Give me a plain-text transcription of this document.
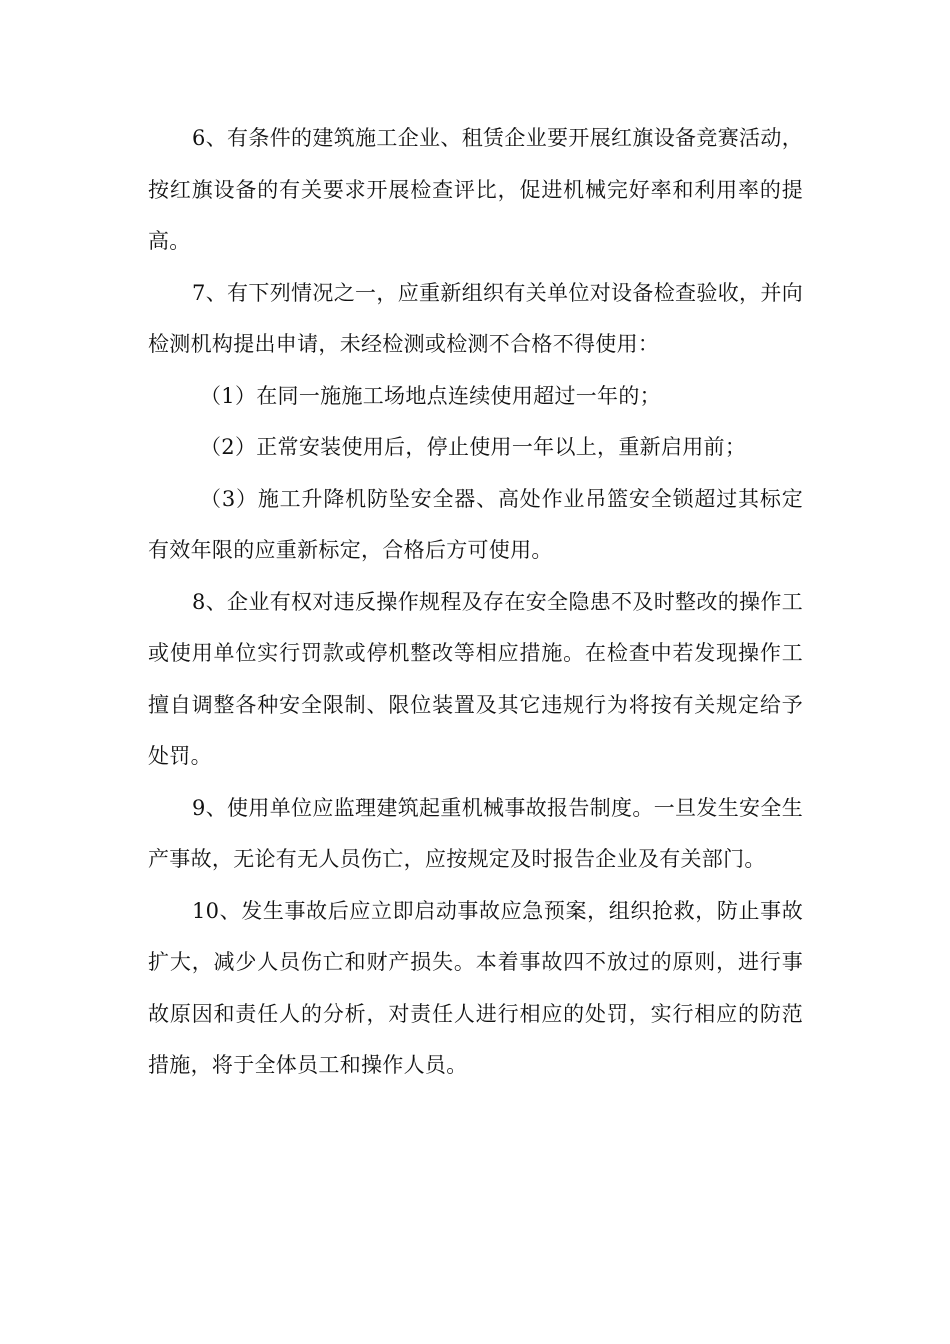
6、有条件的建筑施工企业、租赁企业要开展红旗设备竞赛活动，按红旗设备的有关要求开展检查评比，促进机械完好率和利用率的提高。

7、有下列情况之一，应重新组织有关单位对设备检查验收，并向检测机构提出申请，未经检测或检测不合格不得使用：

（1）在同一施施工场地点连续使用超过一年的；

（2）正常安装使用后，停止使用一年以上，重新启用前；

（3）施工升降机防坠安全器、高处作业吊篮安全锁超过其标定有效年限的应重新标定，合格后方可使用。

8、企业有权对违反操作规程及存在安全隐患不及时整改的操作工或使用单位实行罚款或停机整改等相应措施。在检查中若发现操作工擅自调整各种安全限制、限位装置及其它违规行为将按有关规定给予处罚。

9、使用单位应监理建筑起重机械事故报告制度。一旦发生安全生产事故，无论有无人员伤亡，应按规定及时报告企业及有关部门。

10、发生事故后应立即启动事故应急预案，组织抢救，防止事故扩大，减少人员伤亡和财产损失。本着事故四不放过的原则，进行事故原因和责任人的分析，对责任人进行相应的处罚，实行相应的防范措施，将于全体员工和操作人员。
